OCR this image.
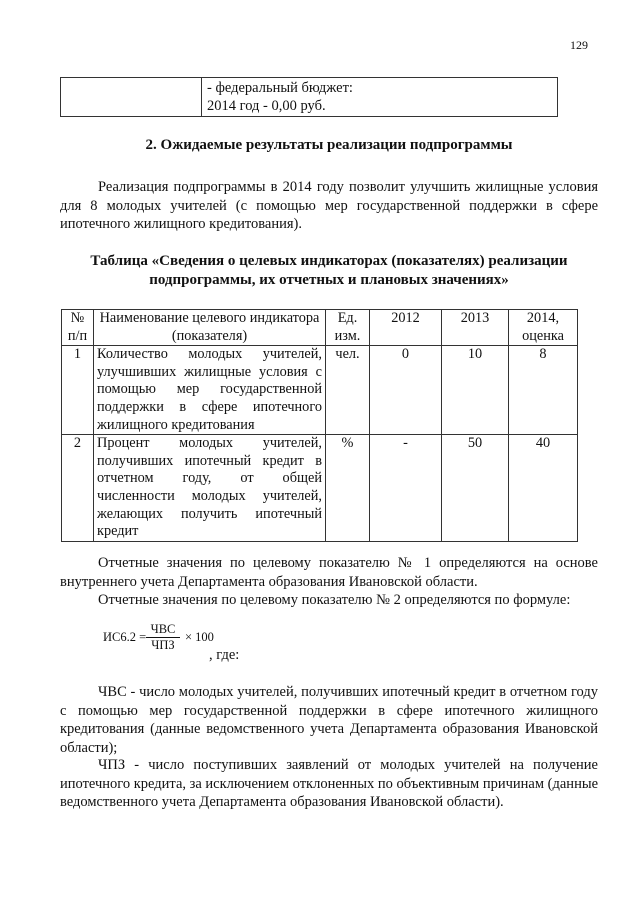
129

- федеральный бюджет:
2014 год - 0,00 руб.
2. Ожидаемые результаты реализации подпрограммы
Реализация подпрограммы в 2014 году позволит улучшить жилищные условия для 8 молодых учителей (с помощью мер государственной поддержки в сфере ипотечного жилищного кредитования).
Таблица «Сведения о целевых индикаторах (показателях) реализации
подпрограммы, их отчетных и плановых значениях»
№ п/п	Наименование целевого индикатора (показателя)	Ед. изм.	2012	2013	2014, оценка
1	Количество молодых учителей, улучшивших жилищные условия с помощью мер государственной поддержки в сфере ипотечного жилищного кредитования	чел.	0	10	8
2	Процент молодых учителей, получивших ипотечный кредит в отчетном году, от общей численности молодых учителей, желающих получить ипотечный кредит	%	-	50	40
Отчетные значения по целевому показателю № 1 определяются на основе внутреннего учета Департамента образования Ивановской области.
Отчетные значения по целевому показателю № 2 определяются по формуле:
ИС6.2 =
ЧВС
ЧПЗ
× 100
, где:
ЧВС - число молодых учителей, получивших ипотечный кредит в отчетном году с помощью мер государственной поддержки в сфере ипотечного жилищного кредитования (данные ведомственного учета Департамента образования Ивановской области);
ЧПЗ - число поступивших заявлений от молодых учителей на получение ипотечного кредита, за исключением отклоненных по объективным причинам (данные ведомственного учета Департамента образования Ивановской области).
